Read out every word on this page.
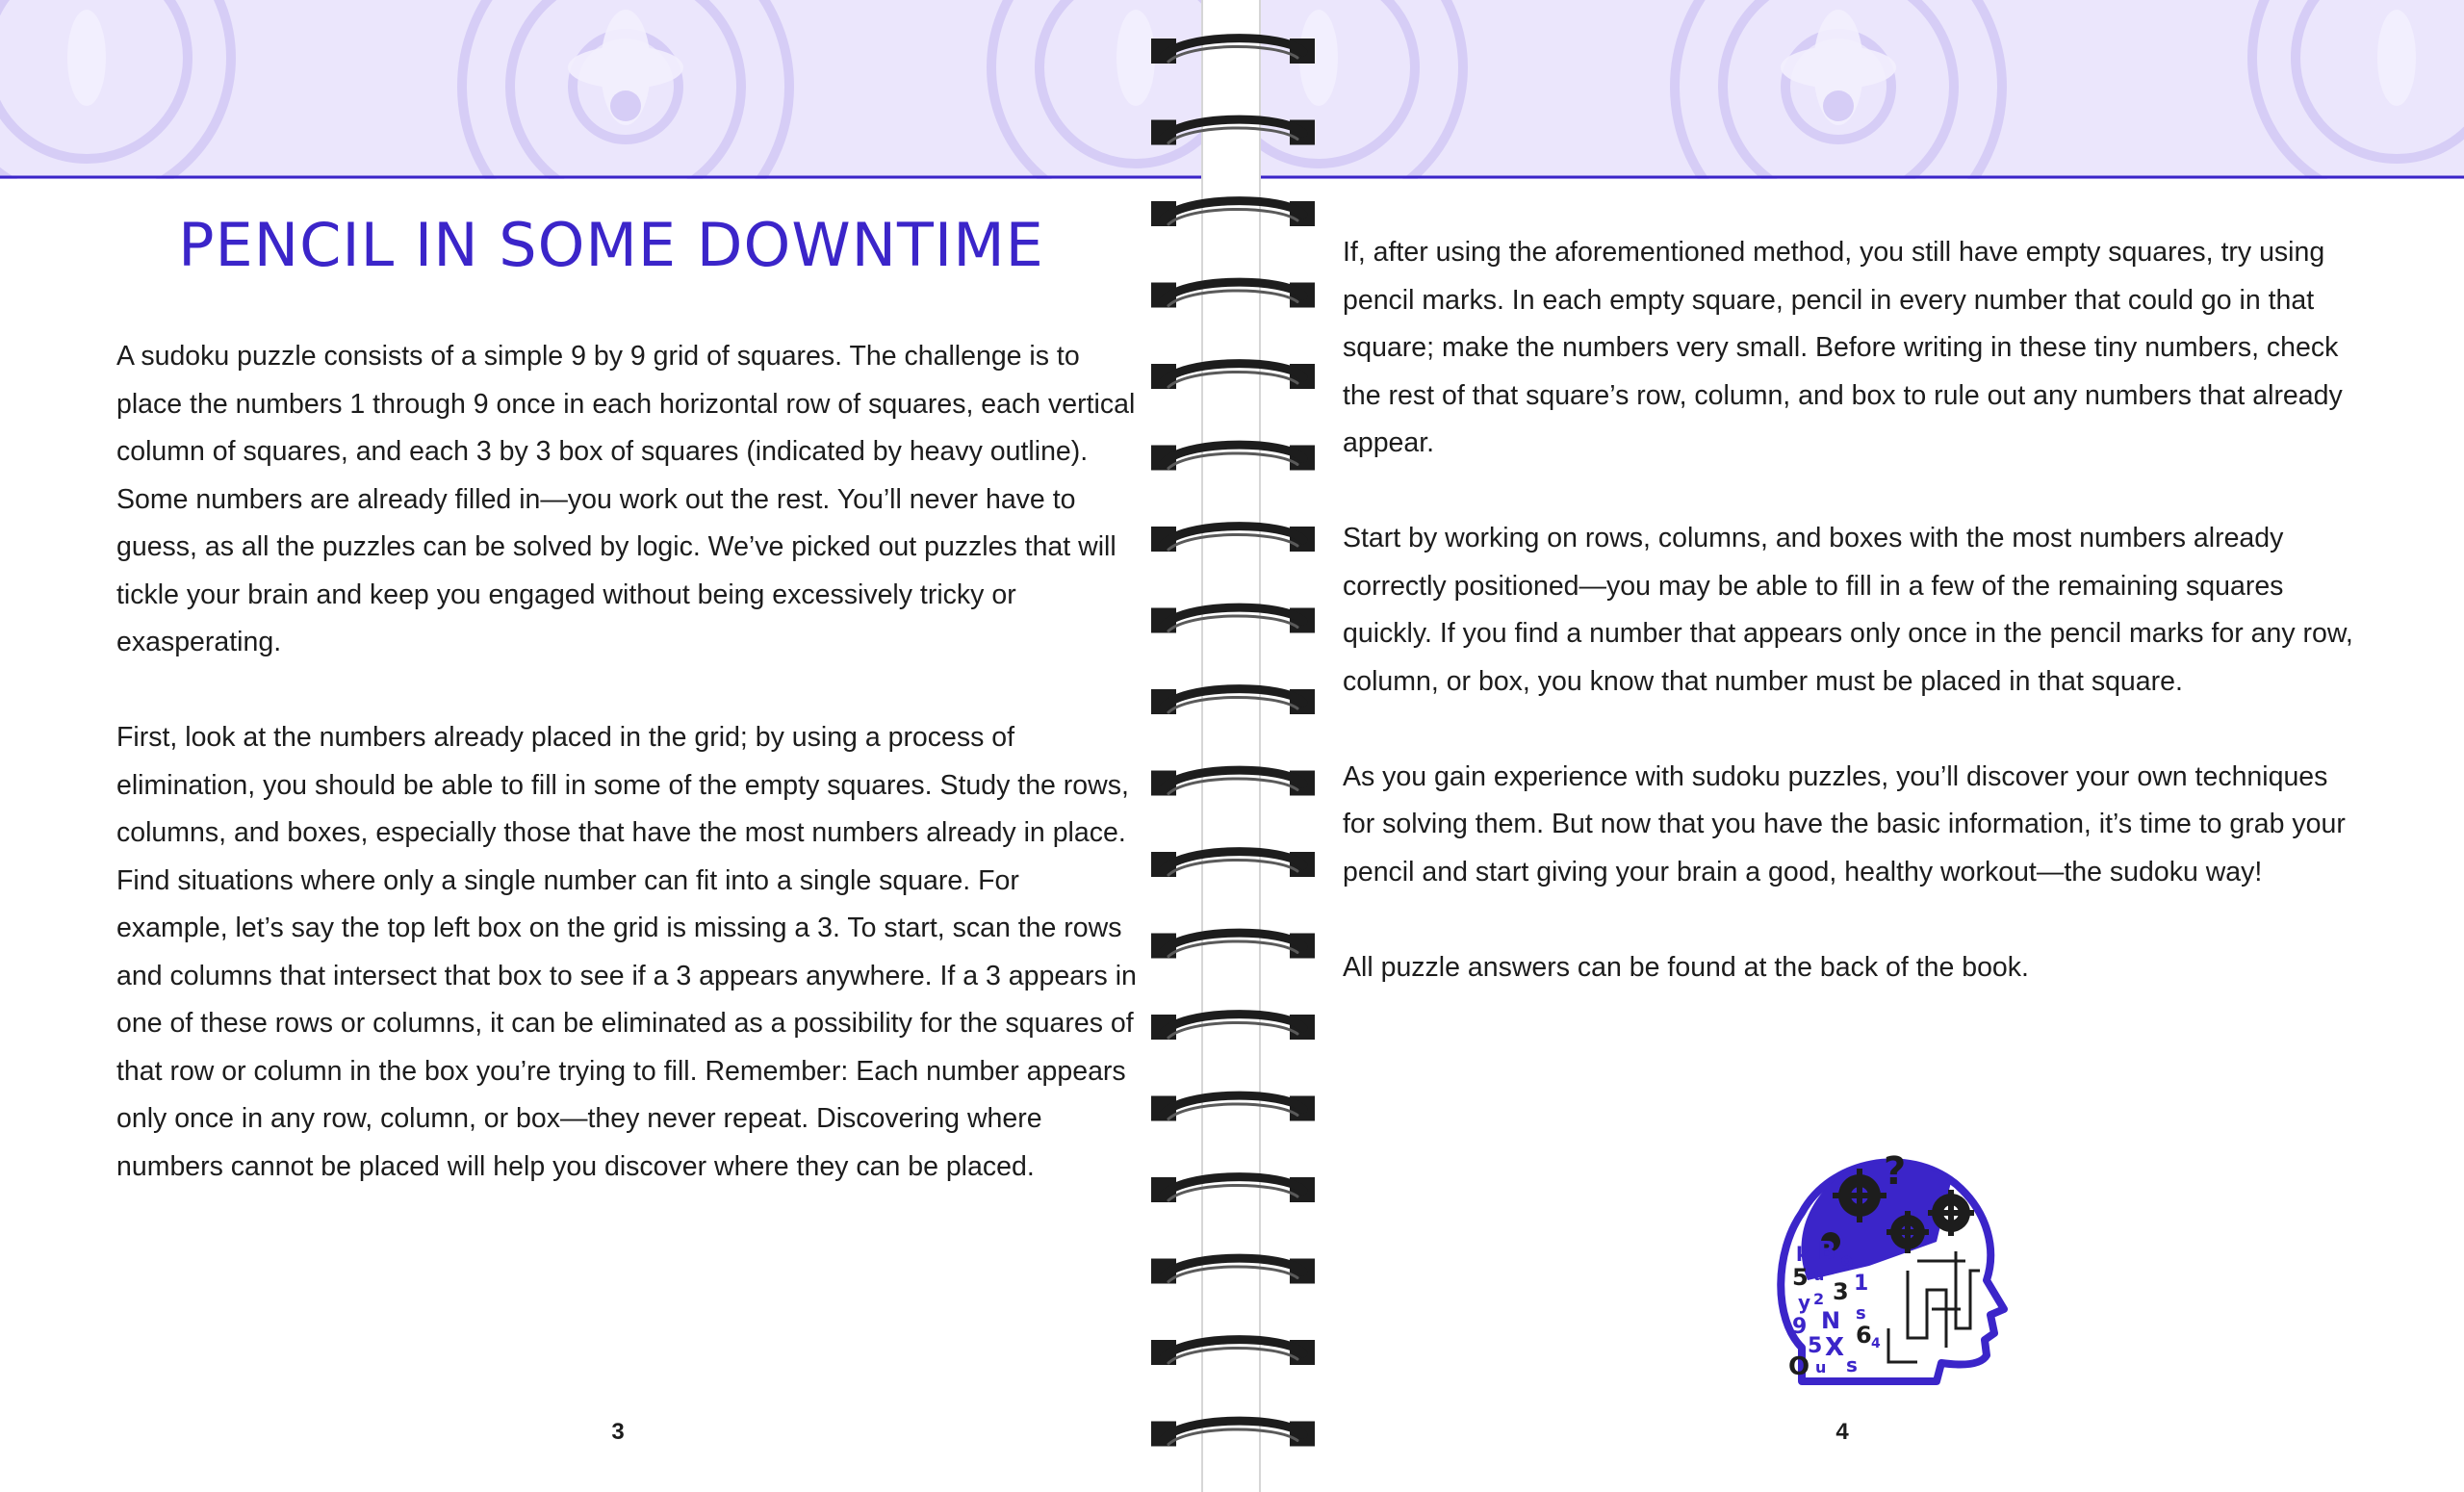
PENCIL IN SOME DOWNTIME

A sudoku puzzle consists of a simple 9 by 9 grid of squares. The challenge is to place the numbers 1 through 9 once in each horizontal row of squares, each vertical column of squares, and each 3 by 3 box of squares (indicated by heavy outline). Some numbers are already filled in—you work out the rest. You’ll never have to guess, as all the puzzles can be solved by logic. We’ve picked out puzzles that will tickle your brain and keep you engaged without being excessively tricky or exasperating.

First, look at the numbers already placed in the grid; by using a process of elimination, you should be able to fill in some of the empty squares. Study the rows, columns, and boxes, especially those that have the most numbers already in place. Find situations where only a single number can fit into a single square. For example, let’s say the top left box on the grid is missing a 3. To start, scan the rows and columns that intersect that box to see if a 3 appears anywhere. If a 3 appears in one of these rows or columns, it can be eliminated as a possibility for the squares of that row or column in the box you’re trying to fill. Remember: Each number appears only once in any row, column, or box—they never repeat. Discovering where numbers cannot be placed will help you discover where they can be placed.

3

If, after using the aforementioned method, you still have empty squares, try using pencil marks. In each empty square, pencil in every number that could go in that square; make the numbers very small. Before writing in these tiny numbers, check the rest of that square’s row, column, and box to rule out any numbers that already appear.

Start by working on rows, columns, and boxes with the most numbers already correctly positioned—you may be able to fill in a few of the remaining squares quickly. If you find a number that appears only once in the pencil marks for any row, column, or box, you know that number must be placed in that square.

As you gain experience with sudoku puzzles, you’ll discover your own techniques for solving them. But now that you have the basic information, it’s time to grab your pencil and start giving your brain a good, healthy workout—the sudoku way!

All puzzle answers can be found at the back of the book.

?
k B 9
5 u
3 1
y 2
N s
9
5 6
X 4
O u s
4
